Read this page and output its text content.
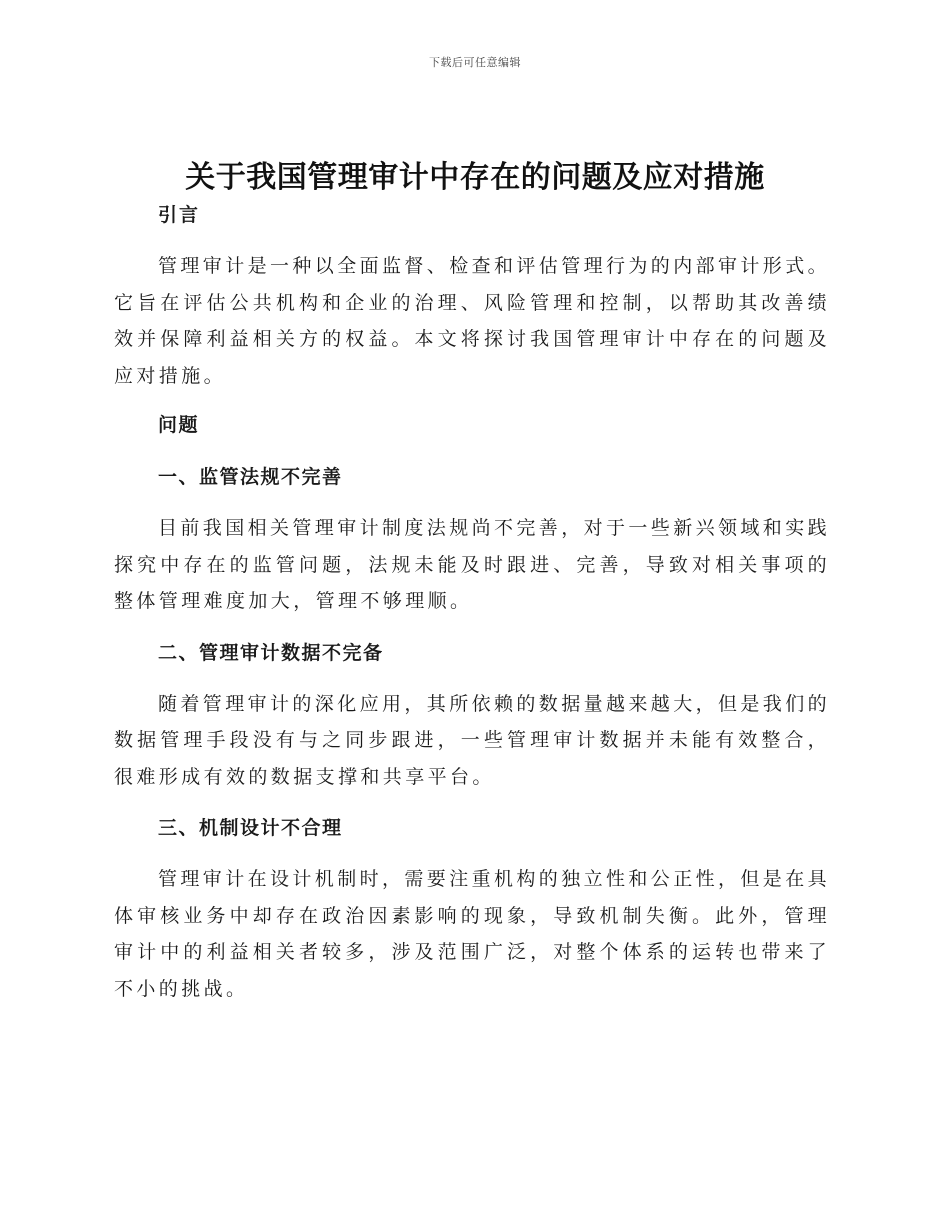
下载后可任意编辑
关于我国管理审计中存在的问题及应对措施
引言

管理审计是一种以全面监督、检查和评估管理行为的内部审计形式。它旨在评估公共机构和企业的治理、风险管理和控制，以帮助其改善绩效并保障利益相关方的权益。本文将探讨我国管理审计中存在的问题及应对措施。

问题
一、监管法规不完善

目前我国相关管理审计制度法规尚不完善，对于一些新兴领域和实践探究中存在的监管问题，法规未能及时跟进、完善，导致对相关事项的整体管理难度加大，管理不够理顺。

二、管理审计数据不完备

随着管理审计的深化应用，其所依赖的数据量越来越大，但是我们的数据管理手段没有与之同步跟进，一些管理审计数据并未能有效整合，很难形成有效的数据支撑和共享平台。

三、机制设计不合理

管理审计在设计机制时，需要注重机构的独立性和公正性，但是在具体审核业务中却存在政治因素影响的现象，导致机制失衡。此外，管理审计中的利益相关者较多，涉及范围广泛，对整个体系的运转也带来了不小的挑战。
